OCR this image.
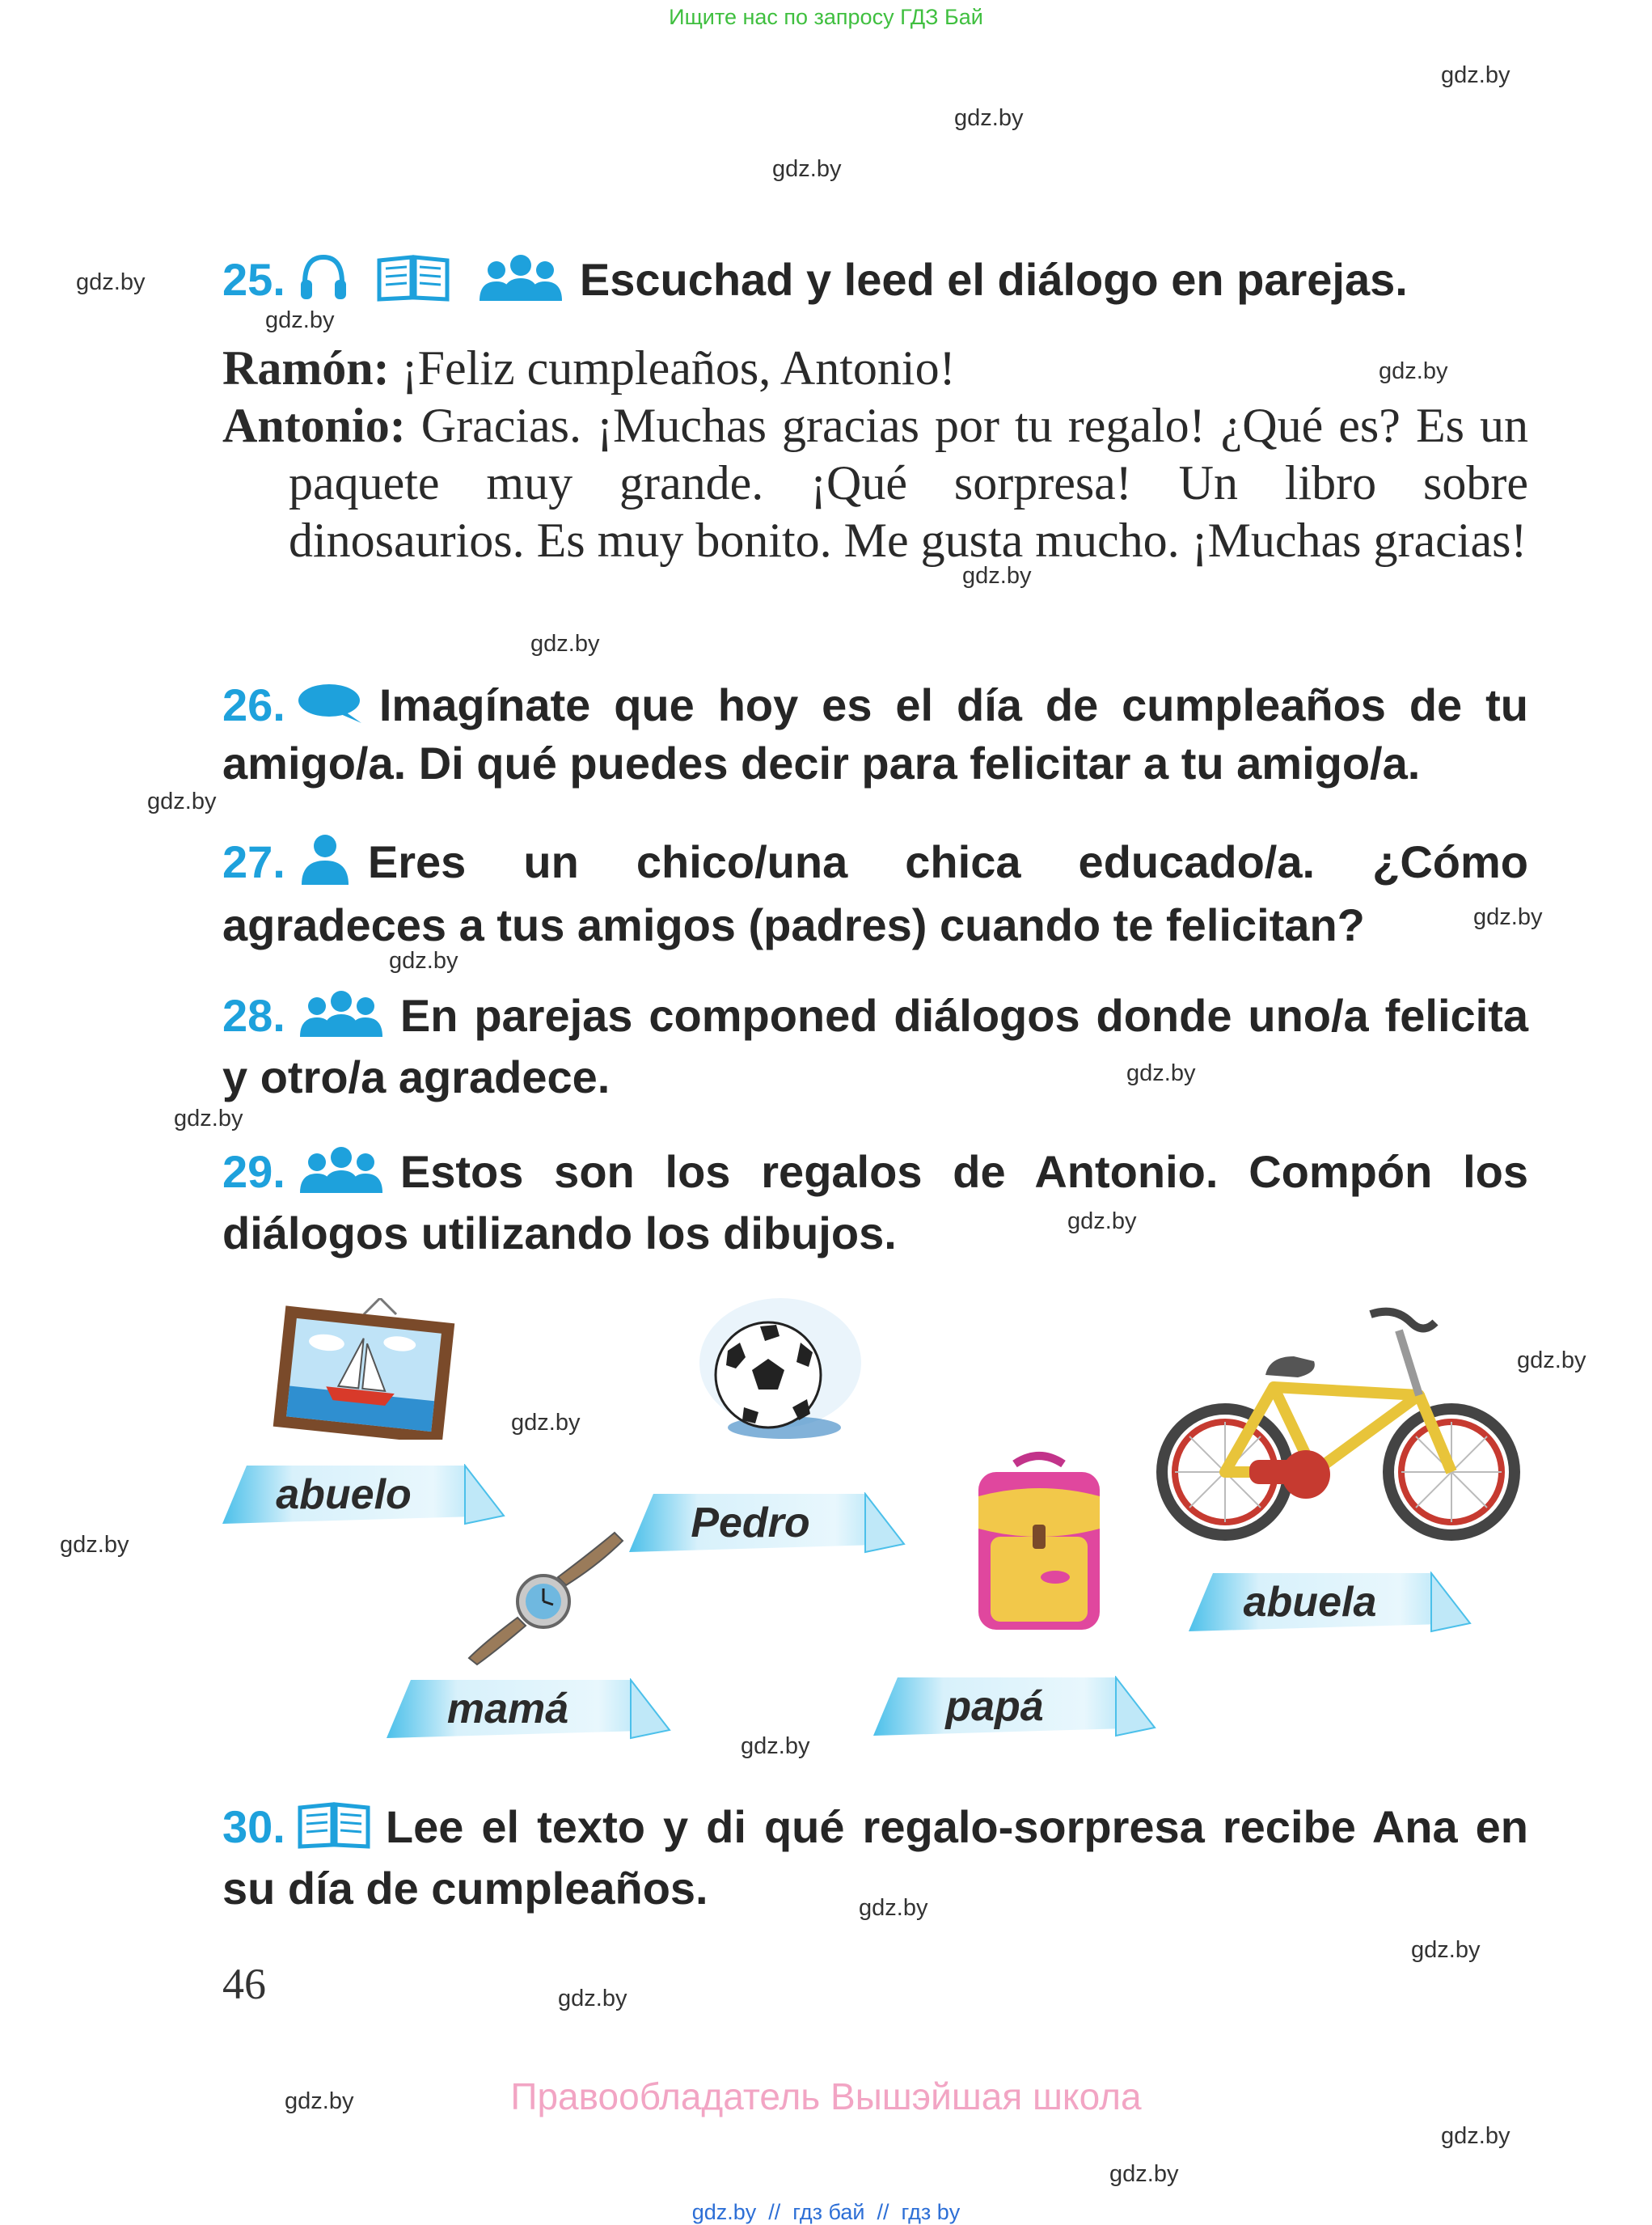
Ищите нас по запросу ГДЗ Бай
gdz.by
gdz.by
gdz.by
gdz.by
gdz.by
gdz.by
gdz.by
gdz.by
gdz.by
gdz.by
gdz.by
gdz.by
gdz.by
gdz.by
gdz.by
gdz.by
gdz.by
gdz.by
gdz.by
gdz.by
gdz.by
gdz.by
gdz.by
gdz.by
25.	Escuchad y leed el diálogo en parejas.
Ramón: ¡Feliz cumpleaños, Antonio!
Antonio: Gracias. ¡Muchas gracias por tu regalo! ¿Qué es? Es un paquete muy grande. ¡Qué sorpresa! Un libro sobre dinosaurios. Es muy bonito. Me gusta mucho. ¡Muchas gracias!
26. Imagínate que hoy es el día de cumpleaños de tu amigo/a. Di qué puedes decir para felicitar a tu amigo/a.
27. Eres un chico/una chica educado/a. ¿Cómo agradeces a tus amigos (padres) cuando te felicitan?
28.	En parejas componed diálogos donde uno/a felicita y otro/a agradece.
29.	Estos son los regalos de Antonio. Compón los diálogos utilizando los dibujos.
abuelo
Pedro
abuela
mamá	papá
30. Lee el texto y di qué regalo-sorpresa recibe Ana en su día de cumpleaños.
46
Правообладатель Вышэйшая школа
gdz.by  //  гдз бай  //  гдз by
